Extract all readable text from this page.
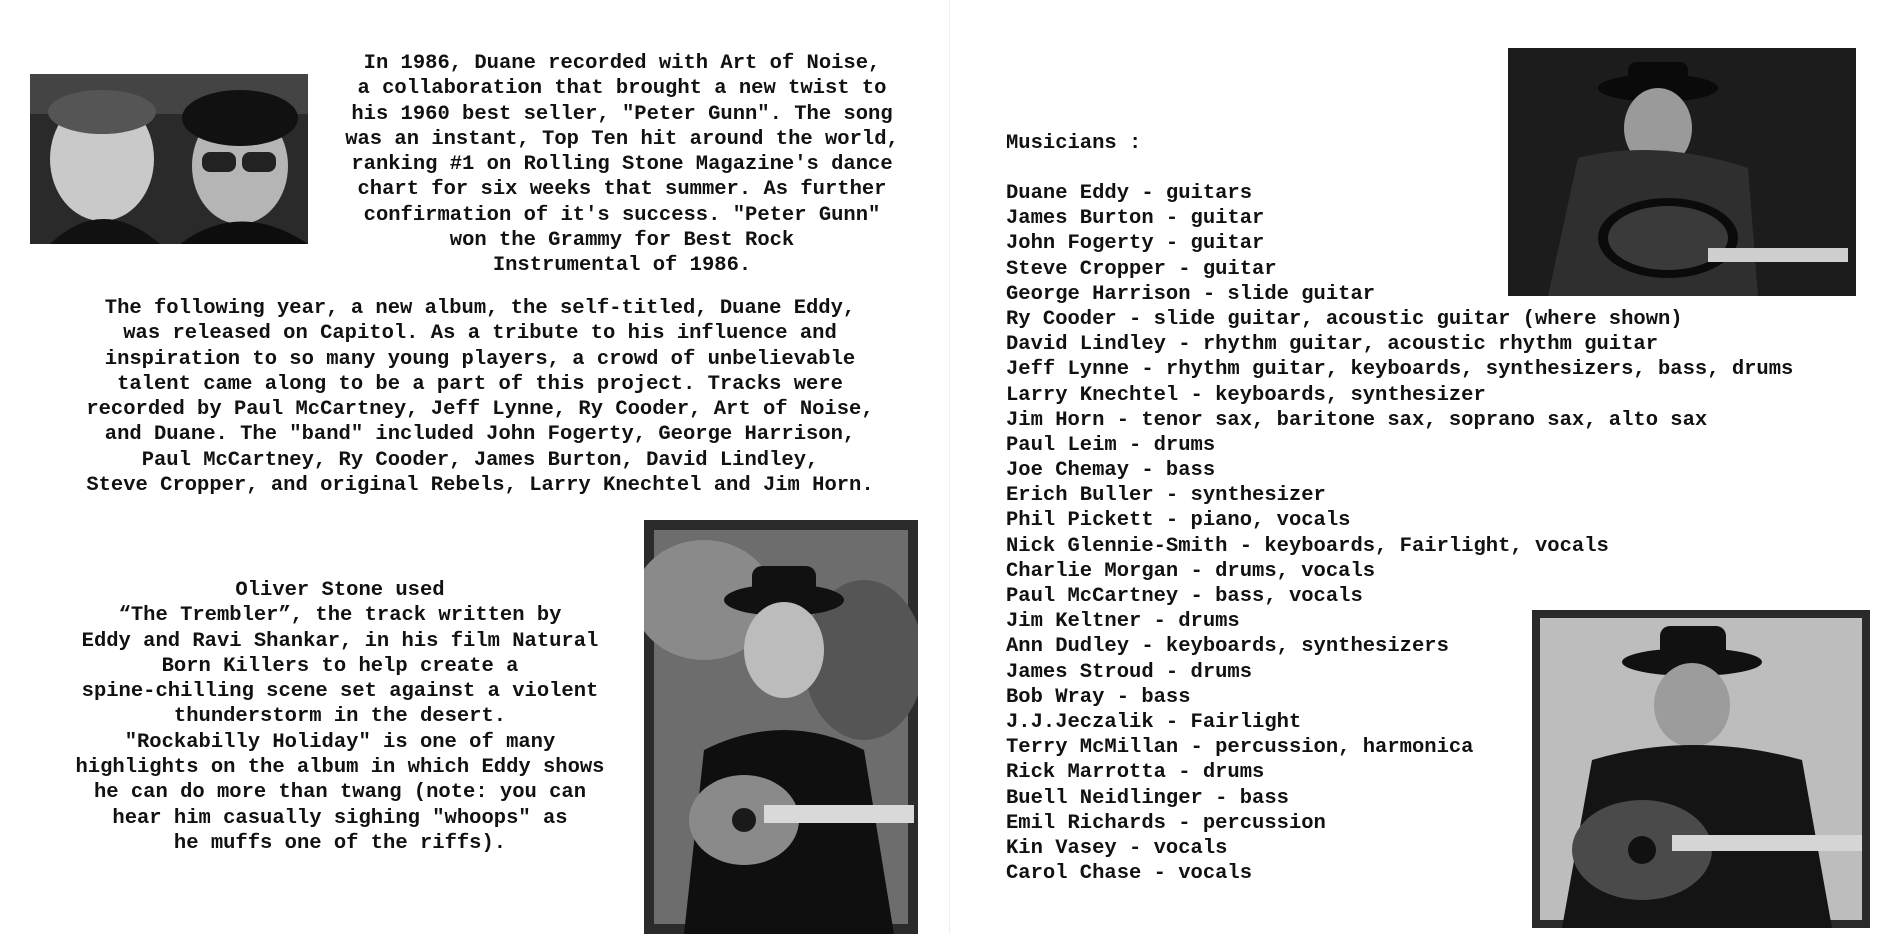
In 1986, Duane recorded with Art of Noise,
a collaboration that brought a new twist to
his 1960 best seller, "Peter Gunn". The song
was an instant, Top Ten hit around the world,
ranking #1 on Rolling Stone Magazine's dance
chart for six weeks that summer. As further
confirmation of it's success. "Peter Gunn"
won the Grammy for Best Rock
Instrumental of 1986.
The following year, a new album, the self-titled, Duane Eddy,
was released on Capitol. As a tribute to his influence and
inspiration to so many young players, a crowd of unbelievable
talent came along to be a part of this project. Tracks were
recorded by Paul McCartney, Jeff Lynne, Ry Cooder, Art of Noise,
and Duane. The "band" included John Fogerty, George Harrison,
Paul McCartney, Ry Cooder, James Burton, David Lindley,
Steve Cropper, and original Rebels, Larry Knechtel and Jim Horn.
Oliver Stone used
“The Trembler”, the track written by
Eddy and Ravi Shankar, in his film Natural
Born Killers to help create a
spine-chilling scene set against a violent
thunderstorm in the desert.
"Rockabilly Holiday" is one of many
highlights on the album in which Eddy shows
he can do more than twang (note: you can
hear him casually sighing "whoops" as
he muffs one of the riffs).
Musicians :
Duane Eddy - guitars
James Burton - guitar
John Fogerty - guitar
Steve Cropper - guitar
George Harrison - slide guitar
Ry Cooder - slide guitar, acoustic guitar (where shown)
David Lindley - rhythm guitar, acoustic rhythm guitar
Jeff Lynne - rhythm guitar, keyboards, synthesizers, bass, drums
Larry Knechtel - keyboards, synthesizer
Jim Horn - tenor sax, baritone sax, soprano sax, alto sax
Paul Leim - drums
Joe Chemay - bass
Erich Buller - synthesizer
Phil Pickett - piano, vocals
Nick Glennie-Smith - keyboards, Fairlight, vocals
Charlie Morgan - drums, vocals
Paul McCartney - bass, vocals
Jim Keltner - drums
Ann Dudley - keyboards, synthesizers
James Stroud - drums
Bob Wray - bass
J.J.Jeczalik - Fairlight
Terry McMillan - percussion, harmonica
Rick Marrotta - drums
Buell Neidlinger - bass
Emil Richards - percussion
Kin Vasey - vocals
Carol Chase - vocals
